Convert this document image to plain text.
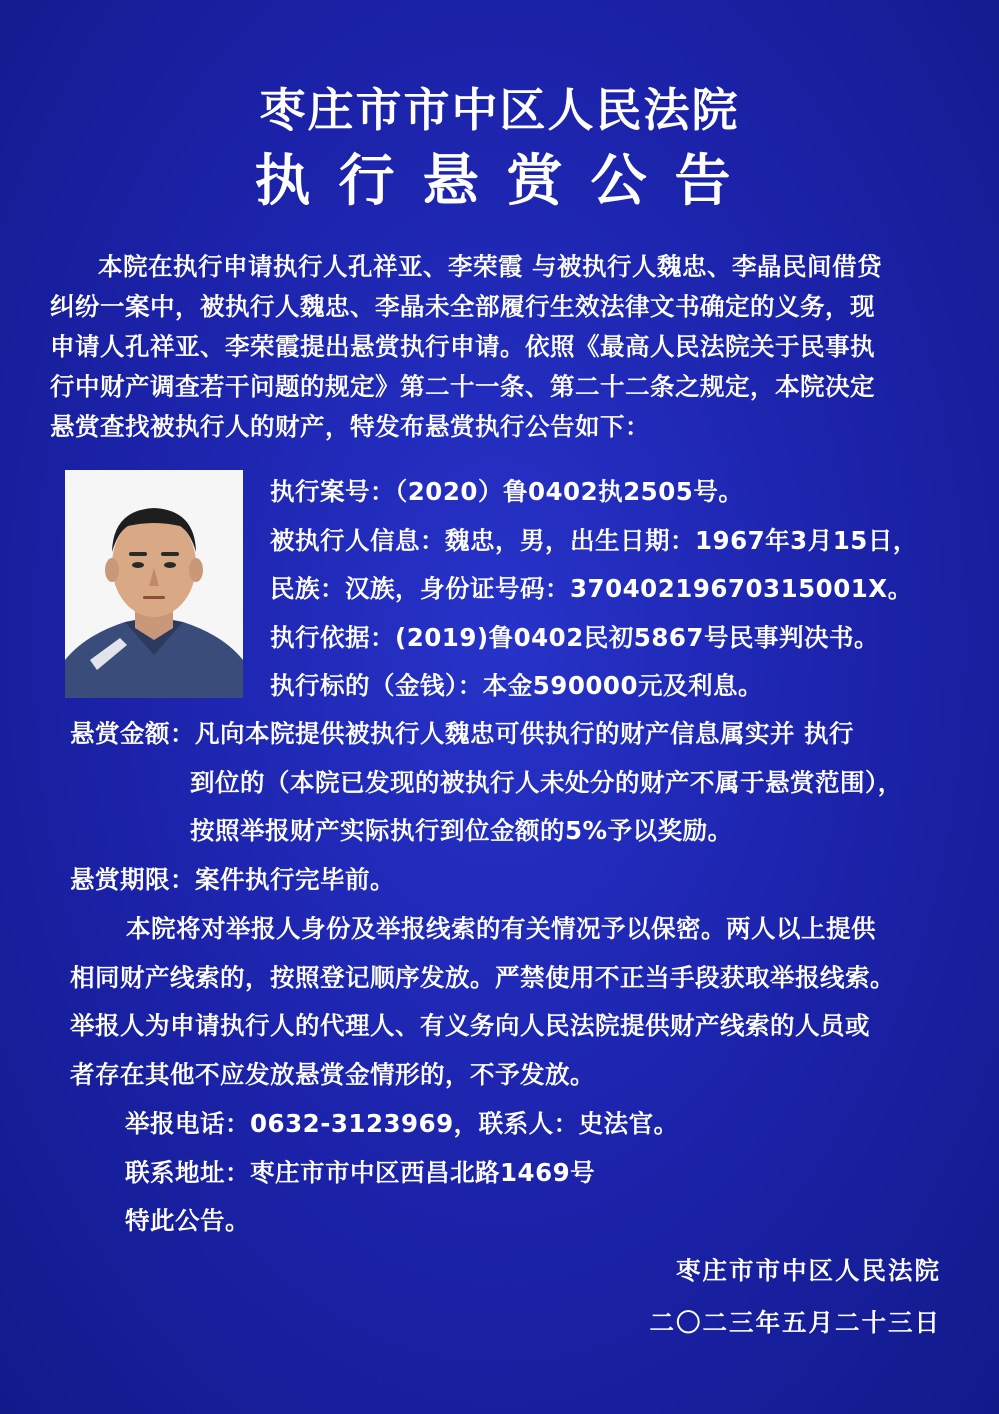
枣庄市市中区人民法院
执行悬赏公告
本院在执行申请执行人孔祥亚、李荣霞 与被执行人魏忠、李晶民间借贷
纠纷一案中，被执行人魏忠、李晶未全部履行生效法律文书确定的义务，现
申请人孔祥亚、李荣霞提出悬赏执行申请。依照《最高人民法院关于民事执
行中财产调查若干问题的规定》第二十一条、第二十二条之规定，本院决定
悬赏查找被执行人的财产，特发布悬赏执行公告如下：
执行案号：（2020）鲁0402执2505号。
被执行人信息：魏忠，男，出生日期：1967年3月15日，
民族：汉族，身份证号码：37040219670315001X。
执行依据：(2019)鲁0402民初5867号民事判决书。
执行标的（金钱）：本金590000元及利息。
悬赏金额：凡向本院提供被执行人魏忠可供执行的财产信息属实并 执行
到位的（本院已发现的被执行人未处分的财产不属于悬赏范围），
按照举报财产实际执行到位金额的5%予以奖励。
悬赏期限：案件执行完毕前。
本院将对举报人身份及举报线索的有关情况予以保密。两人以上提供
相同财产线索的，按照登记顺序发放。严禁使用不正当手段获取举报线索。
举报人为申请执行人的代理人、有义务向人民法院提供财产线索的人员或
者存在其他不应发放悬赏金情形的，不予发放。
举报电话：0632-3123969，联系人：史法官。
联系地址：枣庄市市中区西昌北路1469号
特此公告。
枣庄市市中区人民法院
二〇二三年五月二十三日
